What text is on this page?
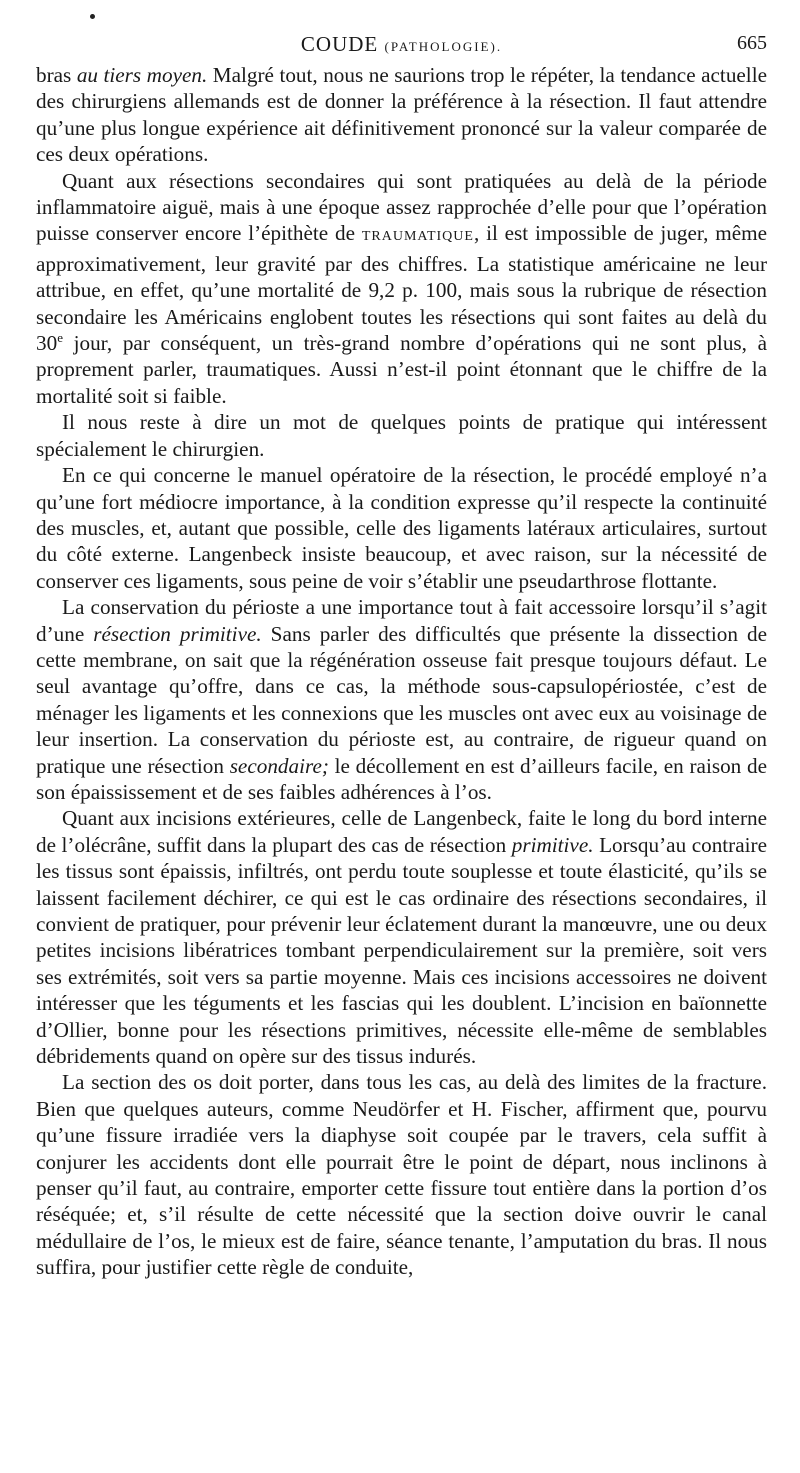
COUDE (PATHOLOGIE).	665

bras au tiers moyen. Malgré tout, nous ne saurions trop le répéter, la tendance actuelle des chirurgiens allemands est de donner la préférence à la résection. Il faut attendre qu’une plus longue expérience ait définitivement prononcé sur la valeur comparée de ces deux opérations.

Quant aux résections secondaires qui sont pratiquées au delà de la période inflammatoire aiguë, mais à une époque assez rapprochée d’elle pour que l’opération puisse conserver encore l’épithète de TRAUMATIQUE, il est impossible de juger, même approximativement, leur gravité par des chiffres. La statistique américaine ne leur attribue, en effet, qu’une mortalité de 9,2 p. 100, mais sous la rubrique de résection secondaire les Américains englobent toutes les résections qui sont faites au delà du 30e jour, par conséquent, un très-grand nombre d’opérations qui ne sont plus, à proprement parler, traumatiques. Aussi n’est-il point étonnant que le chiffre de la mortalité soit si faible.

Il nous reste à dire un mot de quelques points de pratique qui intéressent spécialement le chirurgien.

En ce qui concerne le manuel opératoire de la résection, le procédé employé n’a qu’une fort médiocre importance, à la condition expresse qu’il respecte la continuité des muscles, et, autant que possible, celle des ligaments latéraux articulaires, surtout du côté externe. Langenbeck insiste beaucoup, et avec raison, sur la nécessité de conserver ces ligaments, sous peine de voir s’établir une pseudarthrose flottante.

La conservation du périoste a une importance tout à fait accessoire lorsqu’il s’agit d’une résection primitive. Sans parler des difficultés que présente la dissection de cette membrane, on sait que la régénération osseuse fait presque toujours défaut. Le seul avantage qu’offre, dans ce cas, la méthode sous-capsulopériostée, c’est de ménager les ligaments et les connexions que les muscles ont avec eux au voisinage de leur insertion. La conservation du périoste est, au contraire, de rigueur quand on pratique une résection secondaire; le décollement en est d’ailleurs facile, en raison de son épaississement et de ses faibles adhérences à l’os.

Quant aux incisions extérieures, celle de Langenbeck, faite le long du bord interne de l’olécrâne, suffit dans la plupart des cas de résection primitive. Lorsqu’au contraire les tissus sont épaissis, infiltrés, ont perdu toute souplesse et toute élasticité, qu’ils se laissent facilement déchirer, ce qui est le cas ordinaire des résections secondaires, il convient de pratiquer, pour prévenir leur éclatement durant la manœuvre, une ou deux petites incisions libératrices tombant perpendiculairement sur la première, soit vers ses extrémités, soit vers sa partie moyenne. Mais ces incisions accessoires ne doivent intéresser que les téguments et les fascias qui les doublent. L’incision en baïonnette d’Ollier, bonne pour les résections primitives, nécessite elle-même de semblables débridements quand on opère sur des tissus indurés.

La section des os doit porter, dans tous les cas, au delà des limites de la fracture. Bien que quelques auteurs, comme Neudörfer et H. Fischer, affirment que, pourvu qu’une fissure irradiée vers la diaphyse soit coupée par le travers, cela suffit à conjurer les accidents dont elle pourrait être le point de départ, nous inclinons à penser qu’il faut, au contraire, emporter cette fissure tout entière dans la portion d’os réséquée; et, s’il résulte de cette nécessité que la section doive ouvrir le canal médullaire de l’os, le mieux est de faire, séance tenante, l’amputation du bras. Il nous suffira, pour justifier cette règle de conduite,
